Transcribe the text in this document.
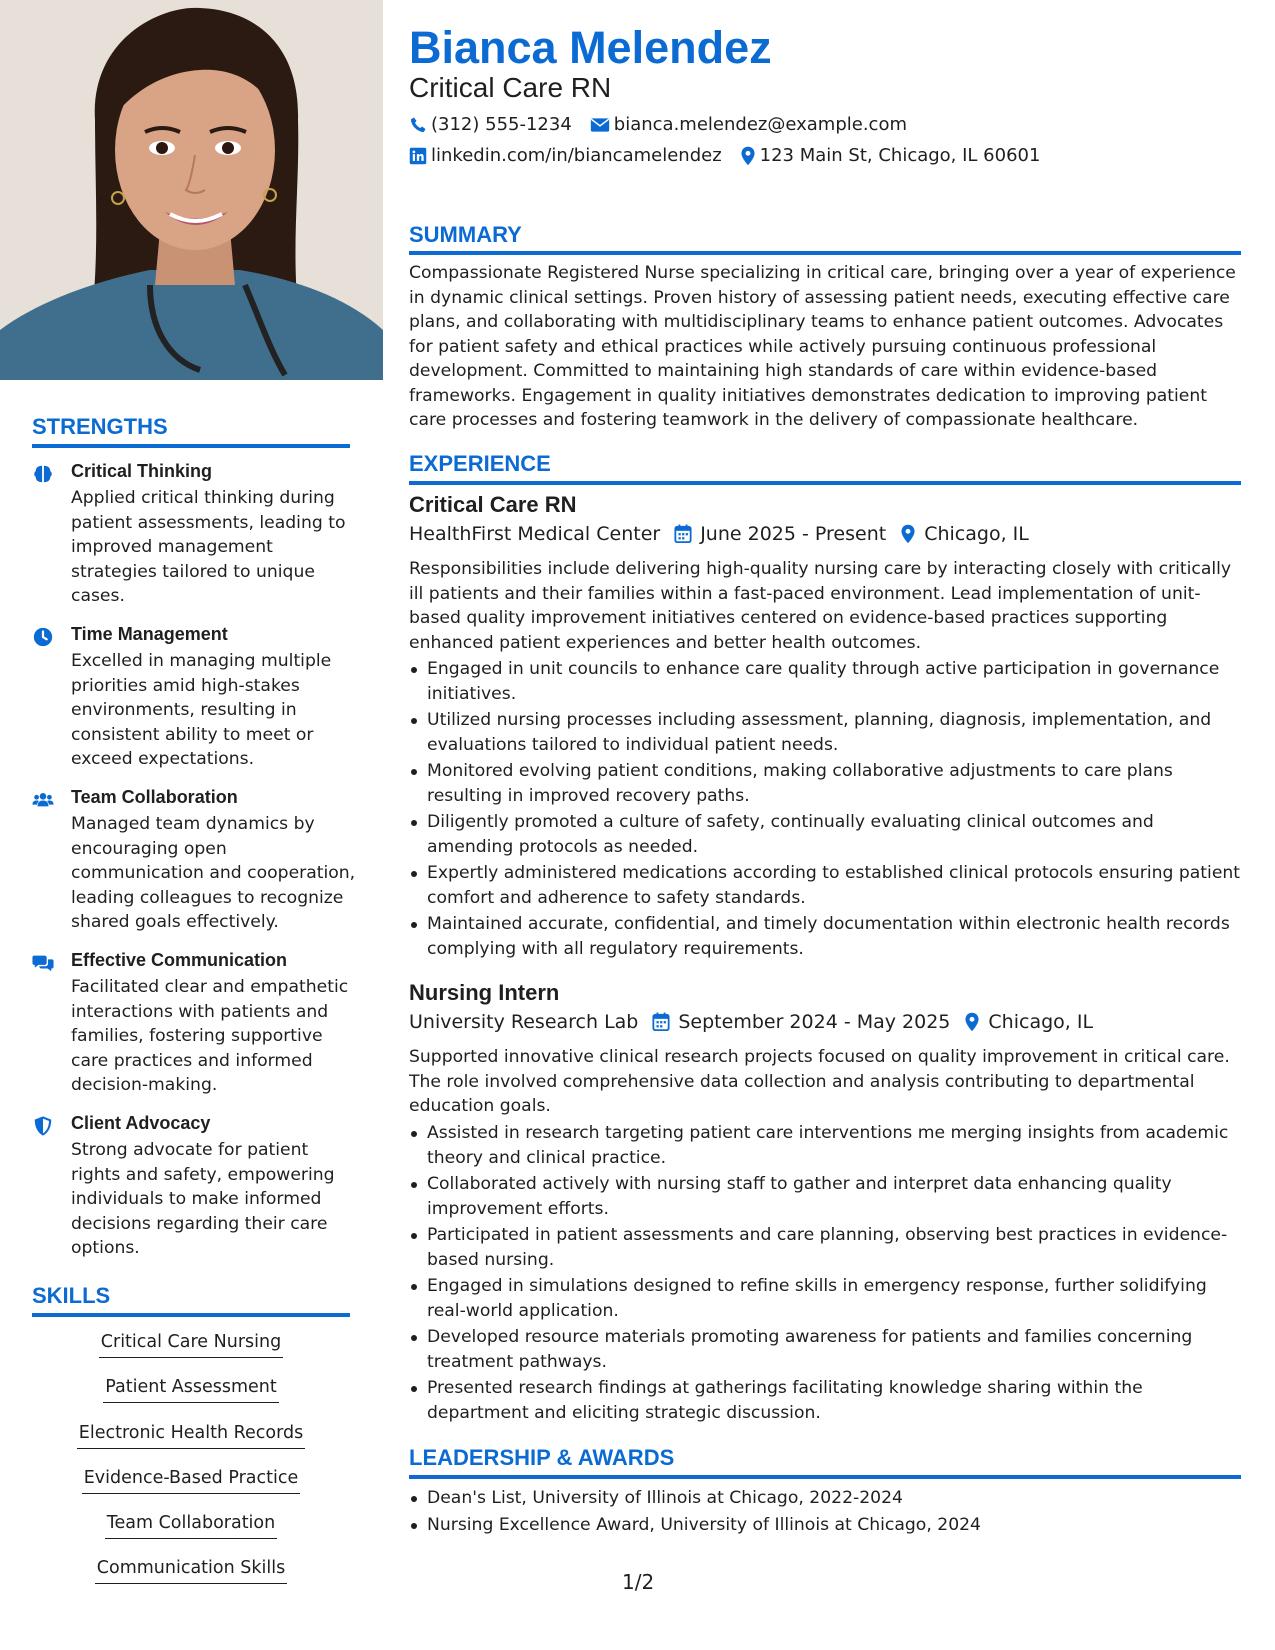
STRENGTHS
Critical Thinking

Applied critical thinking during patient assessments, leading to improved management strategies tailored to unique cases.

Time Management

Excelled in managing multiple priorities amid high-stakes environments, resulting in consistent ability to meet or exceed expectations.

Team Collaboration

Managed team dynamics by encouraging open communication and cooperation, leading colleagues to recognize shared goals effectively.

Effective Communication

Facilitated clear and empathetic interactions with patients and families, fostering supportive care practices and informed decision-making.

Client Advocacy

Strong advocate for patient rights and safety, empowering individuals to make informed decisions regarding their care options.

SKILLS
Critical Care Nursing
Patient Assessment
Electronic Health Records
Evidence-Based Practice
Team Collaboration
Communication Skills
Bianca Melendez
Critical Care RN
(312) 555-1234 bianca.melendez@example.com
linkedin.com/in/biancamelendez 123 Main St, Chicago, IL 60601
SUMMARY

Compassionate Registered Nurse specializing in critical care, bringing over a year of experience in dynamic clinical settings. Proven history of assessing patient needs, executing effective care plans, and collaborating with multidisciplinary teams to enhance patient outcomes. Advocates for patient safety and ethical practices while actively pursuing continuous professional development. Committed to maintaining high standards of care within evidence-based frameworks. Engagement in quality initiatives demonstrates dedication to improving patient care processes and fostering teamwork in the delivery of compassionate healthcare.

EXPERIENCE
Critical Care RN
HealthFirst Medical Center June 2025 - Present Chicago, IL

Responsibilities include delivering high-quality nursing care by interacting closely with critically ill patients and their families within a fast-paced environment. Lead implementation of unit-based quality improvement initiatives centered on evidence-based practices supporting enhanced patient experiences and better health outcomes.

Engaged in unit councils to enhance care quality through active participation in governance initiatives.
Utilized nursing processes including assessment, planning, diagnosis, implementation, and evaluations tailored to individual patient needs.
Monitored evolving patient conditions, making collaborative adjustments to care plans resulting in improved recovery paths.
Diligently promoted a culture of safety, continually evaluating clinical outcomes and amending protocols as needed.
Expertly administered medications according to established clinical protocols ensuring patient comfort and adherence to safety standards.
Maintained accurate, confidential, and timely documentation within electronic health records complying with all regulatory requirements.
Nursing Intern
University Research Lab September 2024 - May 2025 Chicago, IL

Supported innovative clinical research projects focused on quality improvement in critical care. The role involved comprehensive data collection and analysis contributing to departmental education goals.

Assisted in research targeting patient care interventions me merging insights from academic theory and clinical practice.
Collaborated actively with nursing staff to gather and interpret data enhancing quality improvement efforts.
Participated in patient assessments and care planning, observing best practices in evidence-based nursing.
Engaged in simulations designed to refine skills in emergency response, further solidifying real-world application.
Developed resource materials promoting awareness for patients and families concerning treatment pathways.
Presented research findings at gatherings facilitating knowledge sharing within the department and eliciting strategic discussion.
LEADERSHIP & AWARDS
Dean's List, University of Illinois at Chicago, 2022-2024
Nursing Excellence Award, University of Illinois at Chicago, 2024
1/2
